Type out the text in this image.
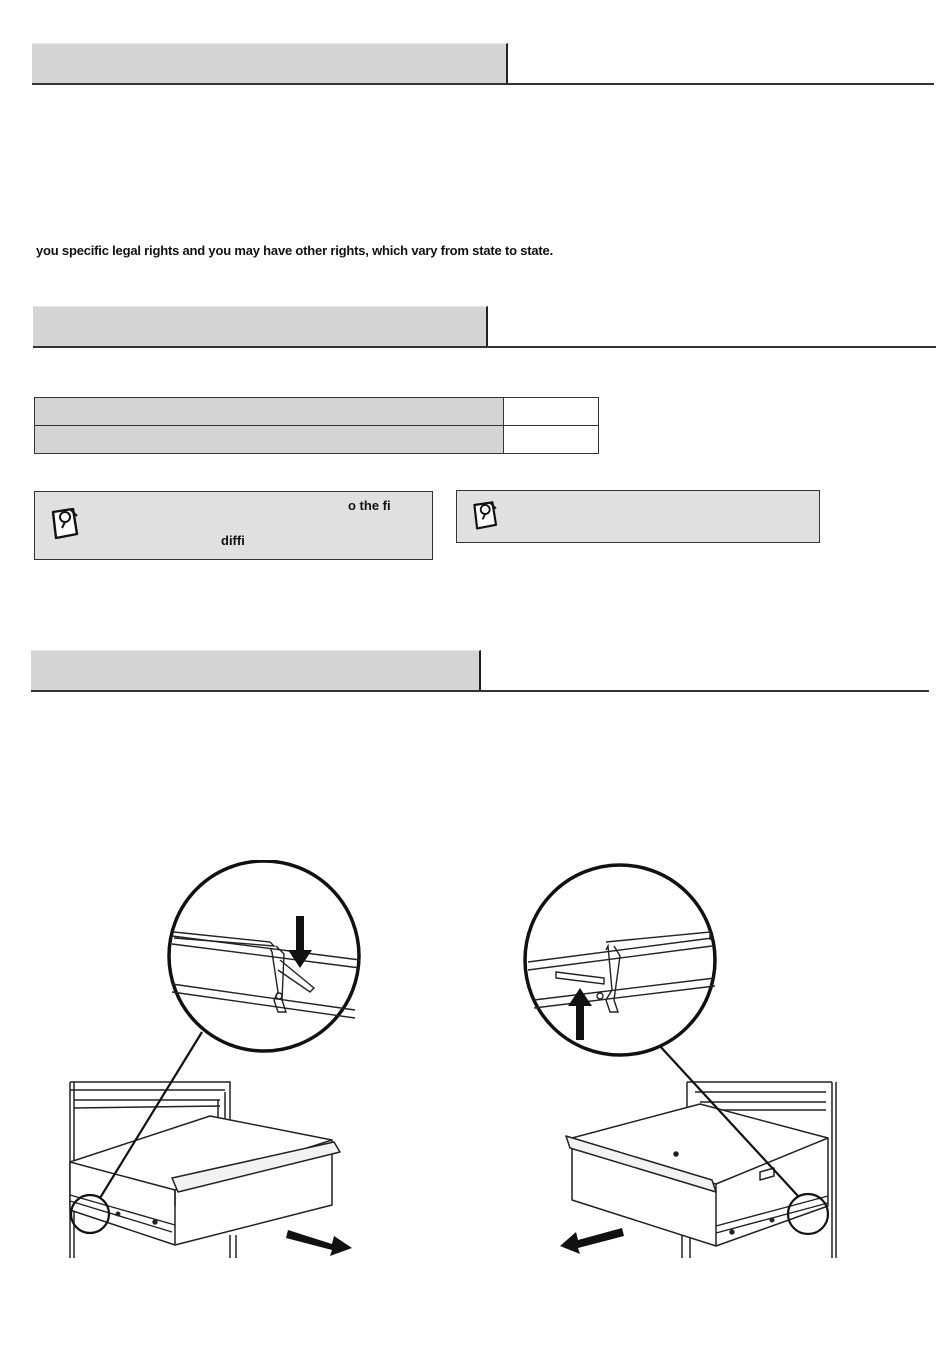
you specific legal rights and you may have other rights, which vary from state to state.

o the fi
diffi
